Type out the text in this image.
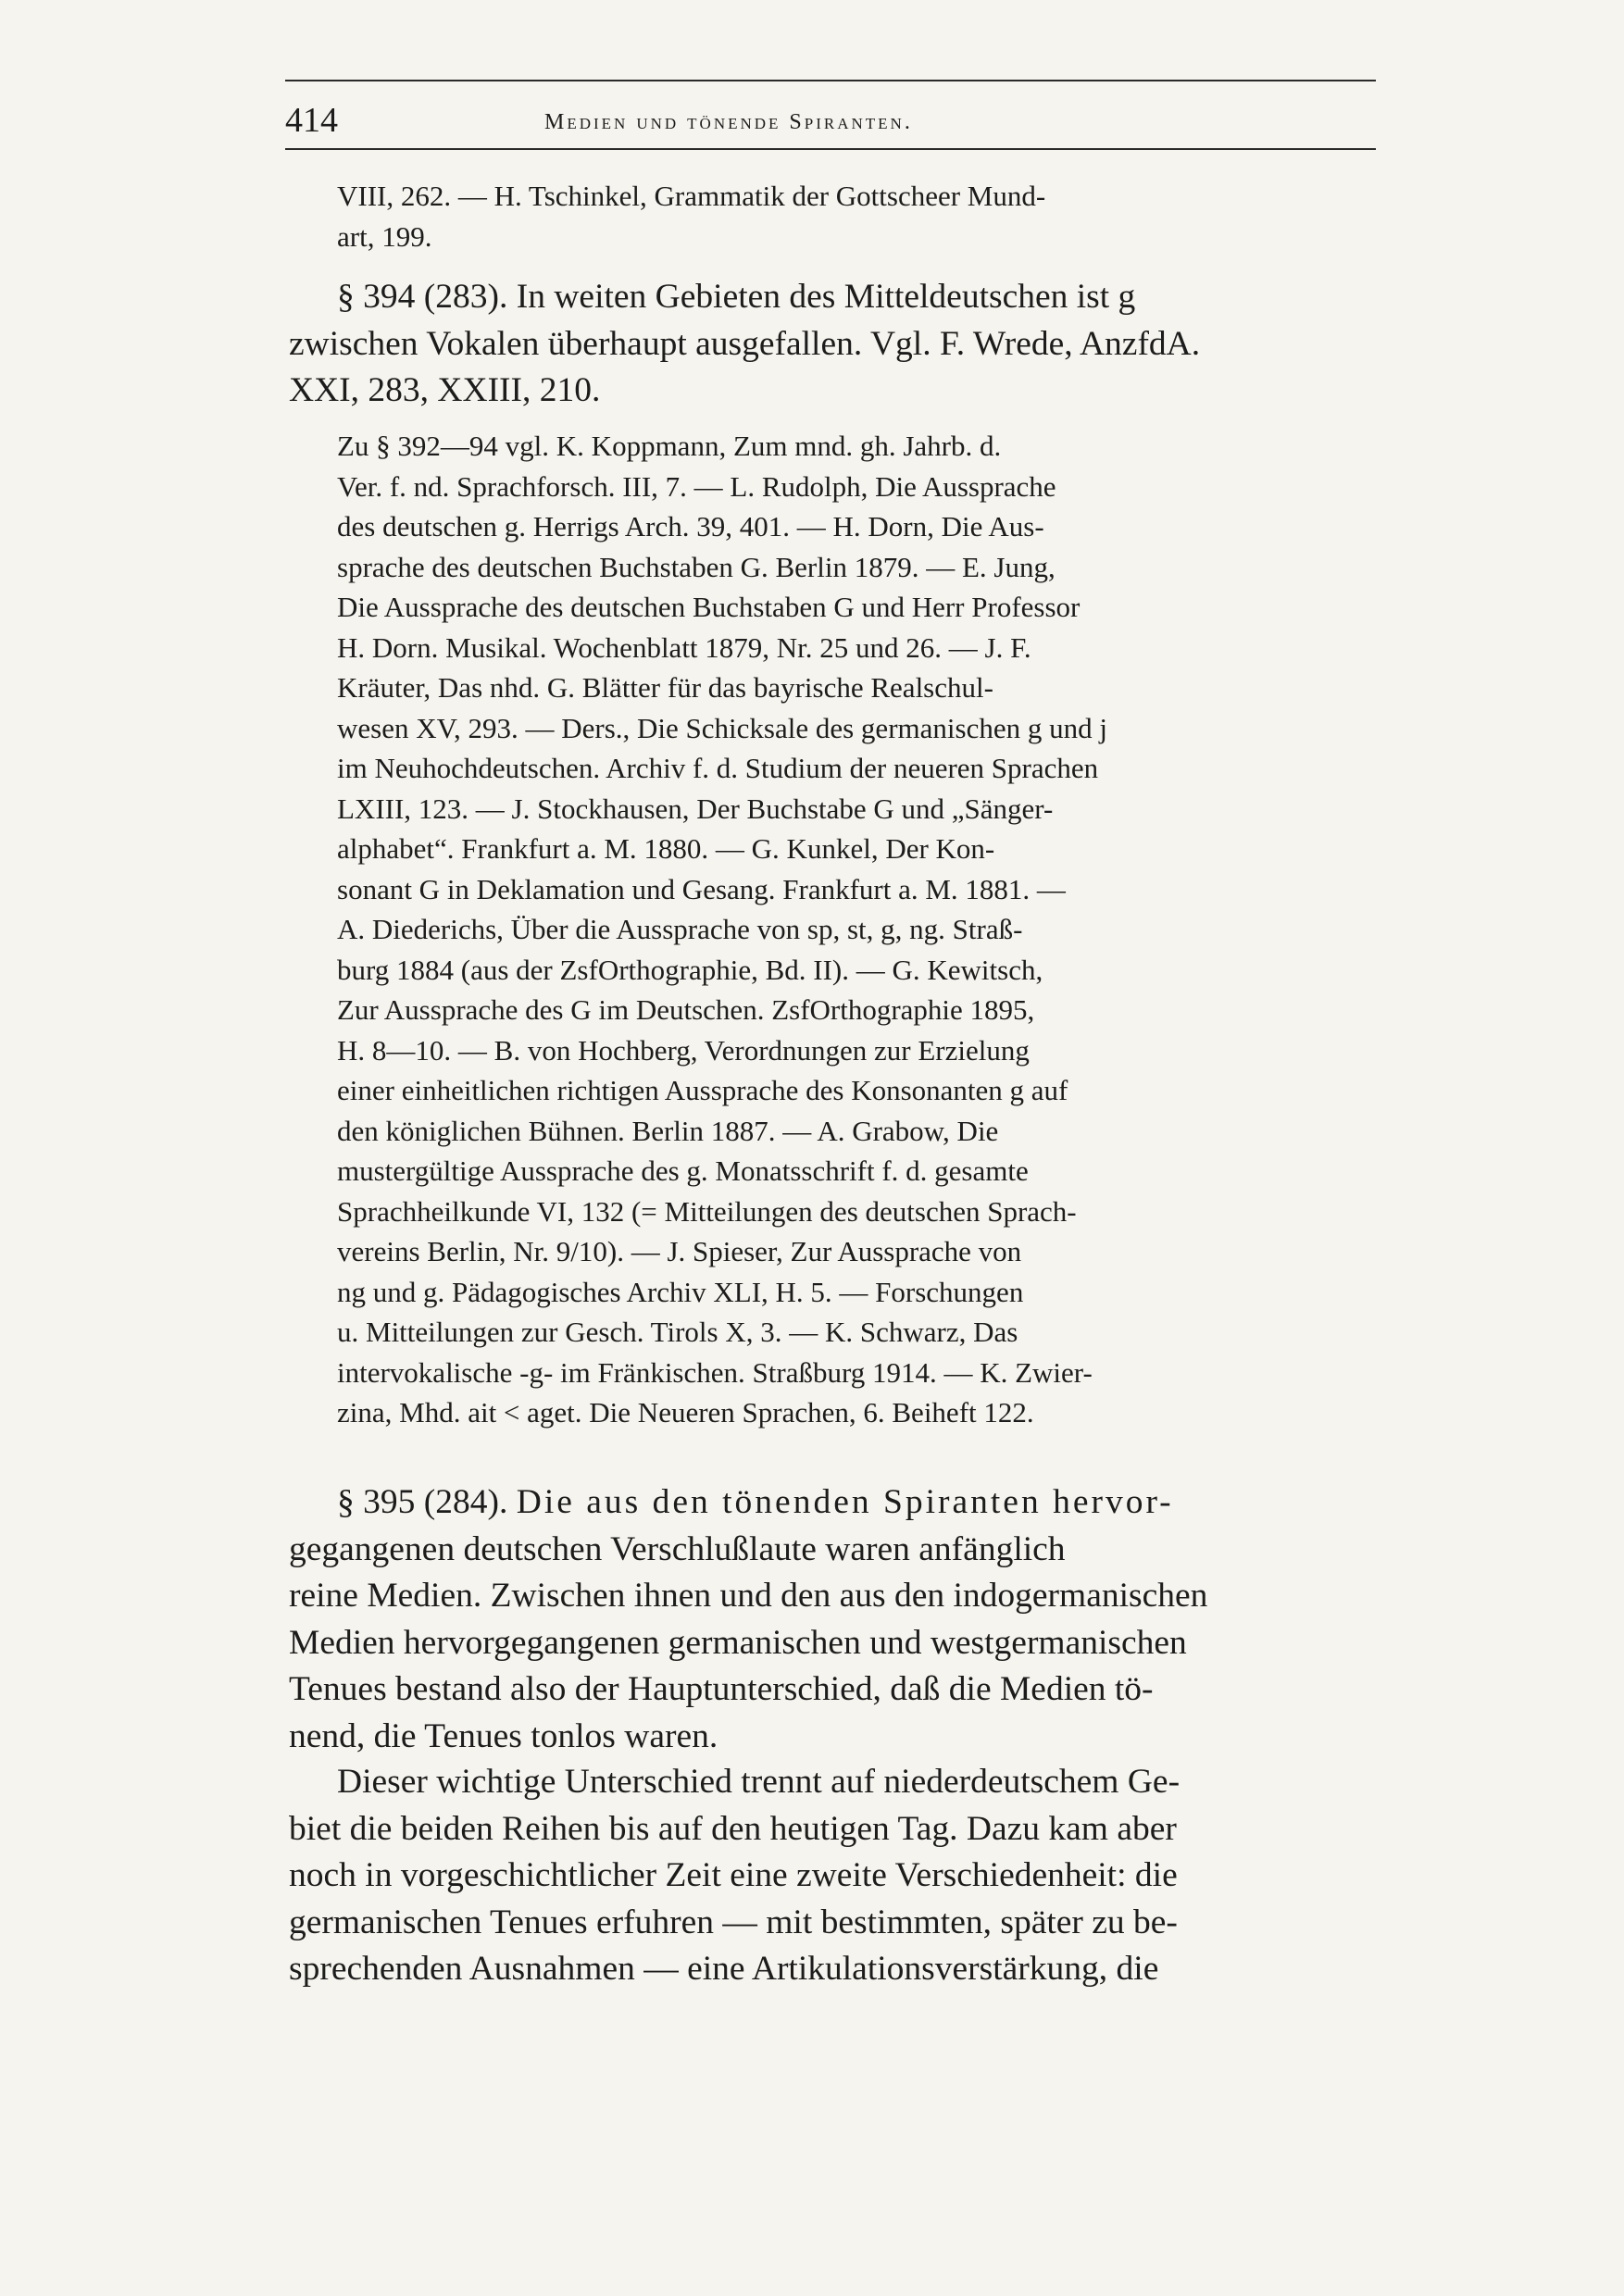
414	Medien und tönende Spiranten.
VIII, 262. — H. Tschinkel, Grammatik der Gottscheer Mund-
art, 199.
§ 394 (283). In weiten Gebieten des Mitteldeutschen ist g
zwischen Vokalen überhaupt ausgefallen. Vgl. F. Wrede, AnzfdA.
XXI, 283, XXIII, 210.
Zu § 392—94 vgl. K. Koppmann, Zum mnd. gh. Jahrb. d.
Ver. f. nd. Sprachforsch. III, 7. — L. Rudolph, Die Aussprache
des deutschen g. Herrigs Arch. 39, 401. — H. Dorn, Die Aus-
sprache des deutschen Buchstaben G. Berlin 1879. — E. Jung,
Die Aussprache des deutschen Buchstaben G und Herr Professor
H. Dorn. Musikal. Wochenblatt 1879, Nr. 25 und 26. — J. F.
Kräuter, Das nhd. G. Blätter für das bayrische Realschul-
wesen XV, 293. — Ders., Die Schicksale des germanischen g und j
im Neuhochdeutschen. Archiv f. d. Studium der neueren Sprachen
LXIII, 123. — J. Stockhausen, Der Buchstabe G und „Sänger-
alphabet“. Frankfurt a. M. 1880. — G. Kunkel, Der Kon-
sonant G in Deklamation und Gesang. Frankfurt a. M. 1881. —
A. Diederichs, Über die Aussprache von sp, st, g, ng. Straß-
burg 1884 (aus der ZsfOrthographie, Bd. II). — G. Kewitsch,
Zur Aussprache des G im Deutschen. ZsfOrthographie 1895,
H. 8—10. — B. von Hochberg, Verordnungen zur Erzielung
einer einheitlichen richtigen Aussprache des Konsonanten g auf
den königlichen Bühnen. Berlin 1887. — A. Grabow, Die
mustergültige Aussprache des g. Monatsschrift f. d. gesamte
Sprachheilkunde VI, 132 (= Mitteilungen des deutschen Sprach-
vereins Berlin, Nr. 9/10). — J. Spieser, Zur Aussprache von
ng und g. Pädagogisches Archiv XLI, H. 5. — Forschungen
u. Mitteilungen zur Gesch. Tirols X, 3. — K. Schwarz, Das
intervokalische -g- im Fränkischen. Straßburg 1914. — K. Zwier-
zina, Mhd. ait < aget. Die Neueren Sprachen, 6. Beiheft 122.
§ 395 (284). Die aus den tönenden Spiranten hervor-
gegangenen deutschen Verschlußlaute waren anfänglich
reine Medien. Zwischen ihnen und den aus den indogermanischen
Medien hervorgegangenen germanischen und westgermanischen
Tenues bestand also der Hauptunterschied, daß die Medien tö-
nend, die Tenues tonlos waren.
Dieser wichtige Unterschied trennt auf niederdeutschem Ge-
biet die beiden Reihen bis auf den heutigen Tag. Dazu kam aber
noch in vorgeschichtlicher Zeit eine zweite Verschiedenheit: die
germanischen Tenues erfuhren — mit bestimmten, später zu be-
sprechenden Ausnahmen — eine Artikulationsverstärkung, die
